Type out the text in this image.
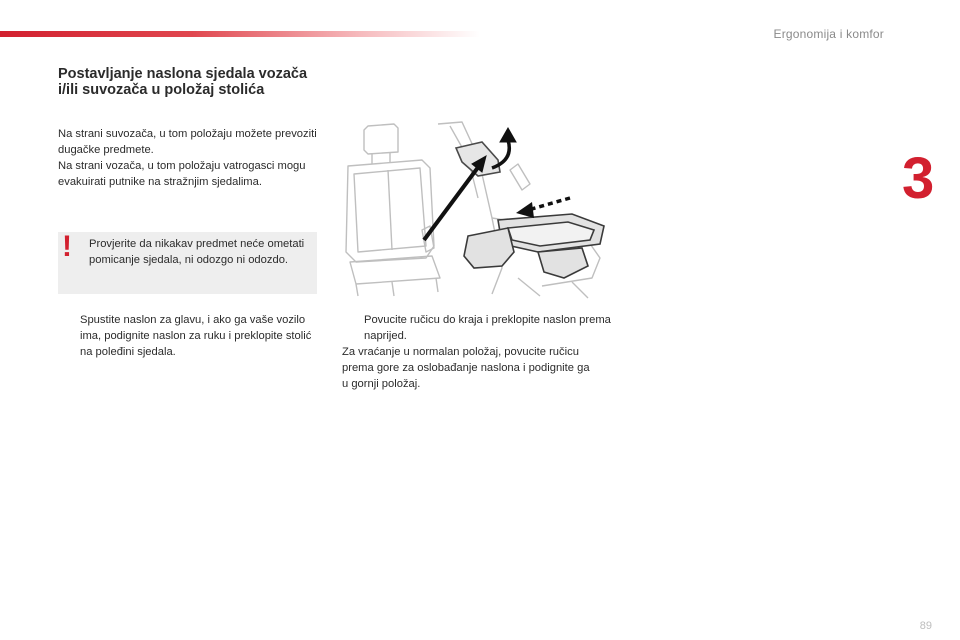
Ergonomija i komfor
3
Postavljanje naslona sjedala vozača i/ili suvozača u položaj stolića

Na strani suvozača, u tom položaju možete prevoziti dugačke predmete.

Na strani vozača, u tom položaju vatrogasci mogu evakuirati putnike na stražnjim sjedalima.

! Provjerite da nikakav predmet neće ometati pomicanje sjedala, ni odozgo ni odozdo.
Spustite naslon za glavu, i ako ga vaše vozilo ima, podignite naslon za ruku i preklopite stolić na poleđini sjedala.
Povucite ručicu do kraja i preklopite naslon prema naprijed.
Za vraćanje u normalan položaj, povucite ručicu prema gore za oslobađanje naslona i podignite ga u gornji položaj.
89
